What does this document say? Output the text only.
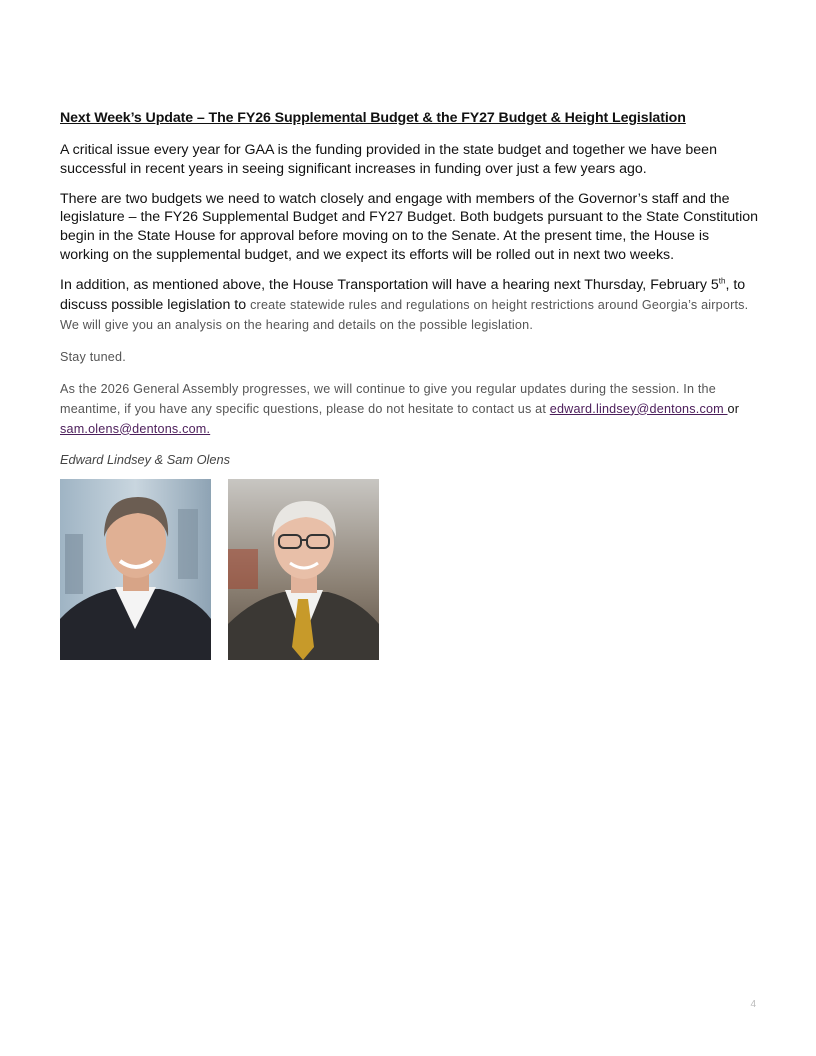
Next Week’s Update – The FY26 Supplemental Budget & the FY27 Budget & Height Legislation

A critical issue every year for GAA is the funding provided in the state budget and together we have been successful in recent years in seeing significant increases in funding over just a few years ago.

There are two budgets we need to watch closely and engage with members of the Governor’s staff and the legislature – the FY26 Supplemental Budget and FY27 Budget. Both budgets pursuant to the State Constitution begin in the State House for approval before moving on to the Senate. At the present time, the House is working on the supplemental budget, and we expect its efforts will be rolled out in next two weeks.

In addition, as mentioned above, the House Transportation will have a hearing next Thursday, February 5th, to discuss possible legislation to create statewide rules and regulations on height restrictions around Georgia’s airports. We will give you an analysis on the hearing and details on the possible legislation.

Stay tuned.

As the 2026 General Assembly progresses, we will continue to give you regular updates during the session. In the meantime, if you have any specific questions, please do not hesitate to contact us at edward.lindsey@dentons.com or sam.olens@dentons.com.

Edward Lindsey & Sam Olens
4
